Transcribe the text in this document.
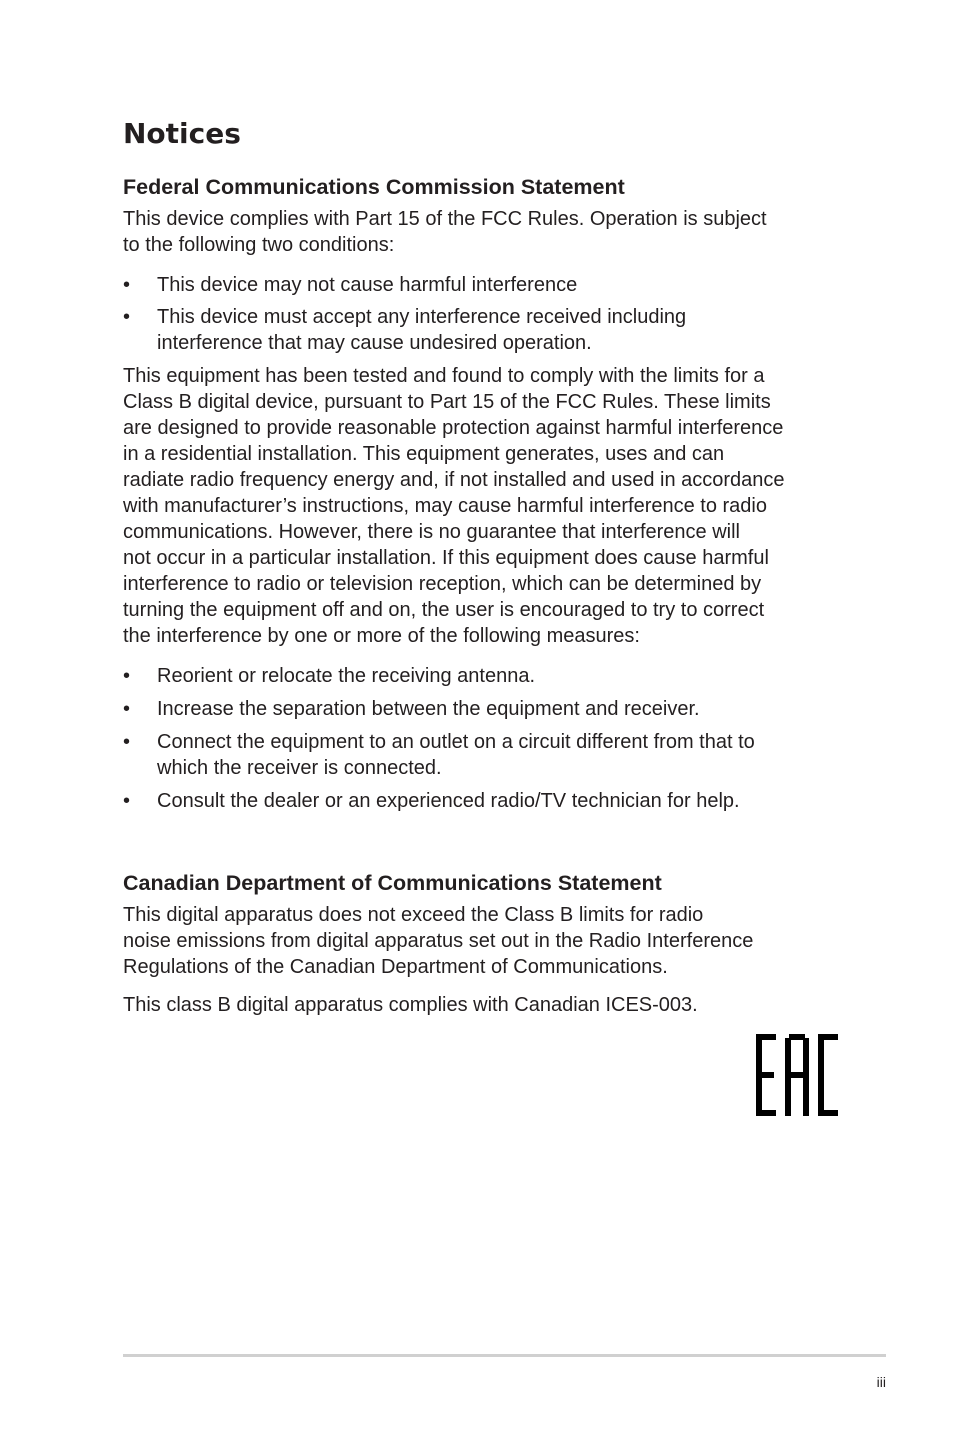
Notices
Federal Communications Commission Statement

This device complies with Part 15 of the FCC Rules. Operation is subject
to the following two conditions:

• This device may not cause harmful interference
• This device must accept any interference received including
interference that may cause undesired operation.

This equipment has been tested and found to comply with the limits for a
Class B digital device, pursuant to Part 15 of the FCC Rules. These limits
are designed to provide reasonable protection against harmful interference
in a residential installation. This equipment generates, uses and can
radiate radio frequency energy and, if not installed and used in accordance
with manufacturer’s instructions, may cause harmful interference to radio
communications. However, there is no guarantee that interference will
not occur in a particular installation. If this equipment does cause harmful
interference to radio or television reception, which can be determined by
turning the equipment off and on, the user is encouraged to try to correct
the interference by one or more of the following measures:

• Reorient or relocate the receiving antenna.
• Increase the separation between the equipment and receiver.
• Connect the equipment to an outlet on a circuit different from that to
which the receiver is connected.
• Consult the dealer or an experienced radio/TV technician for help.
Canadian Department of Communications Statement

This digital apparatus does not exceed the Class B limits for radio
noise emissions from digital apparatus set out in the Radio Interference
Regulations of the Canadian Department of Communications.

This class B digital apparatus complies with Canadian ICES-003.

iii
